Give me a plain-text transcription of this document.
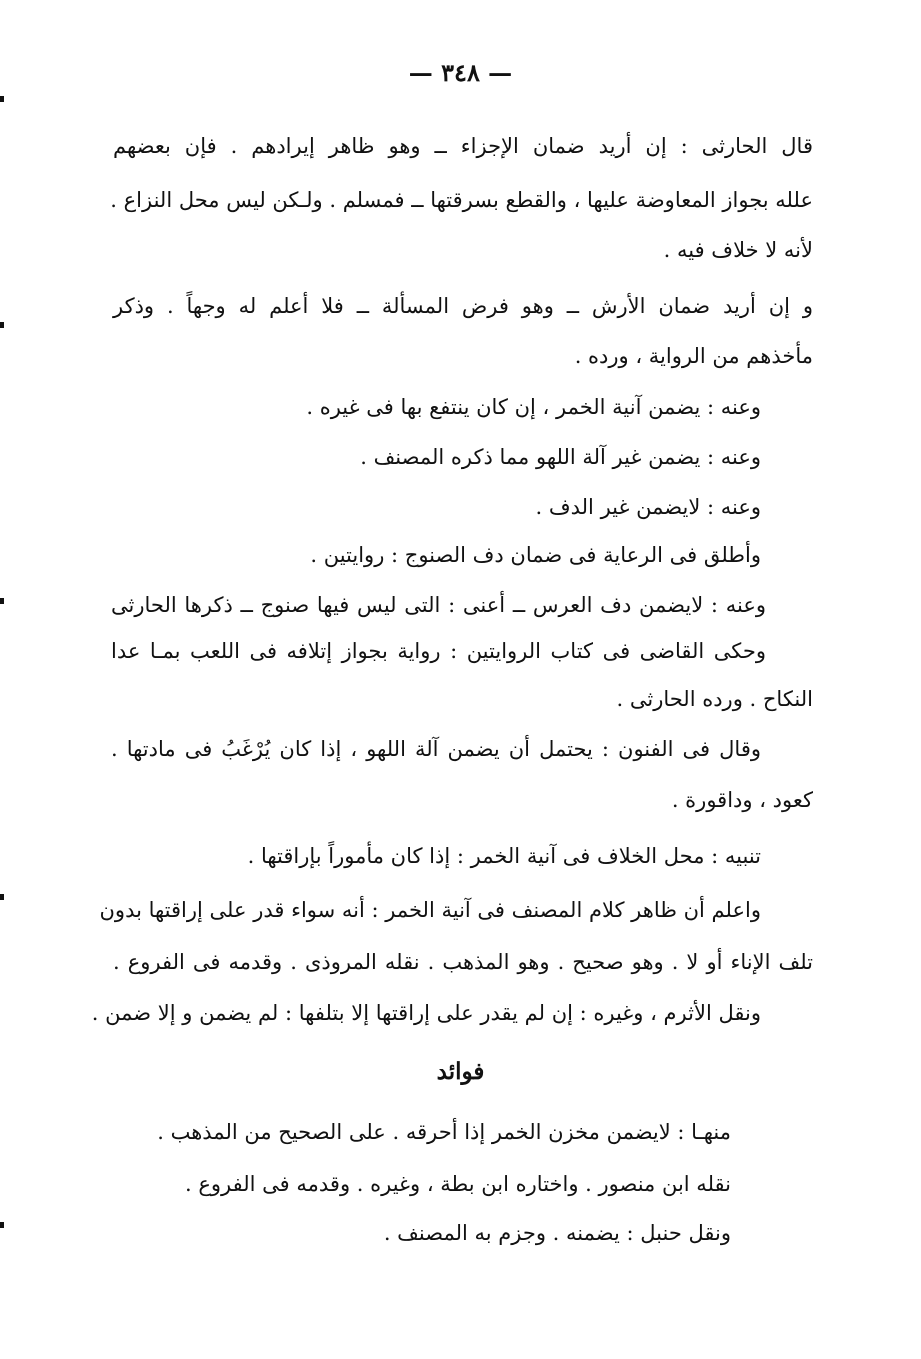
— ٣٤٨ —
قال الحارثى : إن أريد ضمان الإجزاء ــ وهو ظاهر إيرادهم . فإن بعضهم
علله بجواز المعاوضة عليها ، والقطع بسرقتها ــ فمسلم . ولـكن ليس محل النزاع .
لأنه لا خلاف فيه .
و إن أريد ضمان الأرش ــ وهو فرض المسألة ــ فلا أعلم له وجهاً . وذكر
مأخذهم من الرواية ، ورده .
وعنه : يضمن آنية الخمر ، إن كان ينتفع بها فى غيره .
وعنه : يضمن غير آلة اللهو مما ذكره المصنف .
وعنه : لايضمن غير الدف .
وأطلق فى الرعاية فى ضمان دف الصنوج : روايتين .
وعنه : لايضمن دف العرس ــ أعنى : التى ليس فيها صنوج ــ ذكرها الحارثى
وحكى القاضى فى كتاب الروايتين : رواية بجواز إتلافه فى اللعب بمـا عدا
النكاح . ورده الحارثى .
وقال فى الفنون : يحتمل أن يضمن آلة اللهو ، إذا كان يُرْغَبُ فى مادتها .
كعود ، وداقورة .
تنبيه : محل الخلاف فى آنية الخمر : إذا كان مأموراً بإراقتها .
واعلم أن ظاهر كلام المصنف فى آنية الخمر : أنه سواء قدر على إراقتها بدون
تلف الإناء أو لا . وهو صحيح . وهو المذهب . نقله المروذى . وقدمه فى الفروع .
ونقل الأثرم ، وغيره : إن لم يقدر على إراقتها إلا بتلفها : لم يضمن و إلا ضمن .
فوائد
منهـا : لايضمن مخزن الخمر إذا أحرقه . على الصحيح من المذهب .
نقله ابن منصور . واختاره ابن بطة ، وغيره . وقدمه فى الفروع .
ونقل حنبل : يضمنه . وجزم به المصنف .
